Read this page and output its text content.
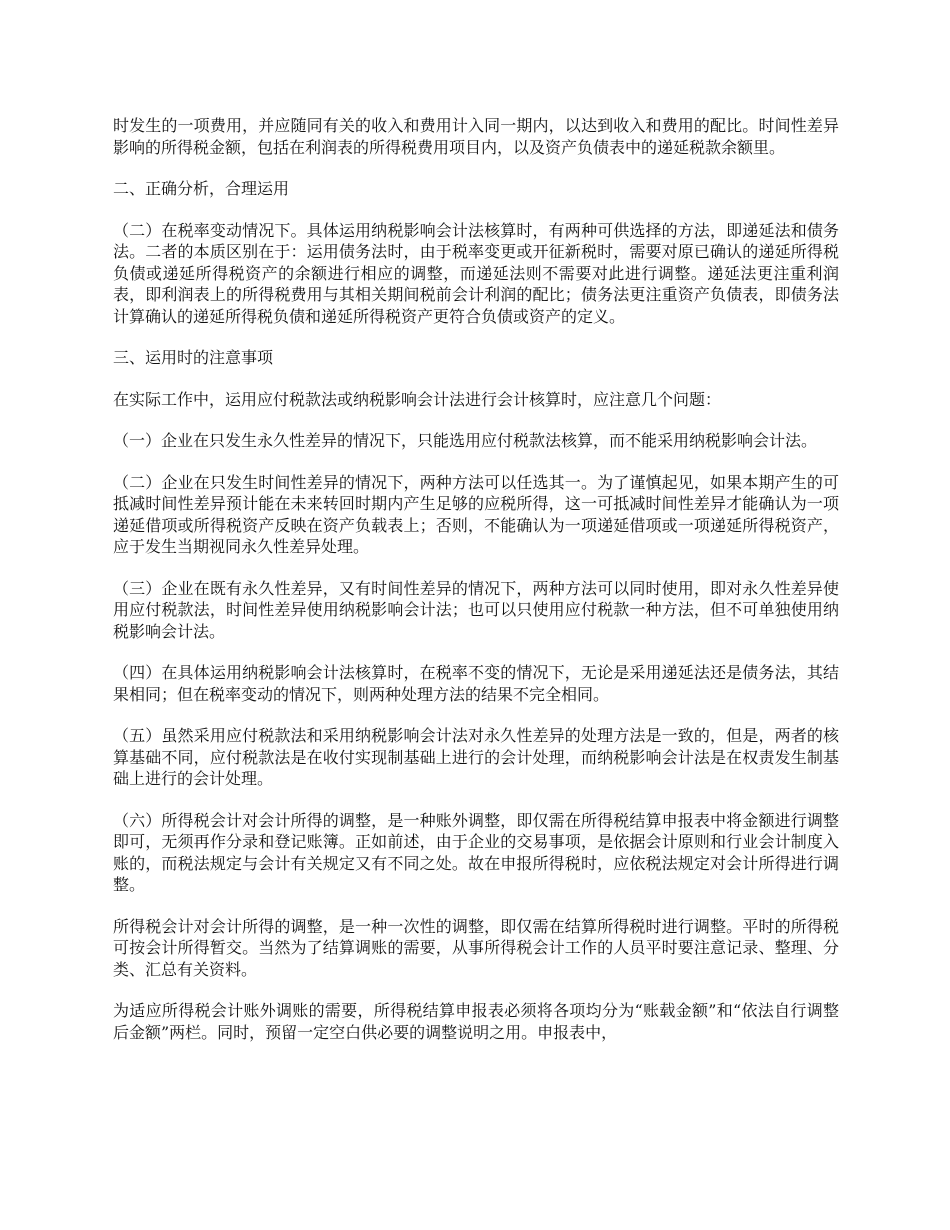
时发生的一项费用，并应随同有关的收入和费用计入同一期内，以达到收入和费用的配比。时间性差异影响的所得税金额，包括在利润表的所得税费用项目内，以及资产负债表中的递延税款余额里。

二、正确分析，合理运用

（二）在税率变动情况下。具体运用纳税影响会计法核算时，有两种可供选择的方法，即递延法和债务法。二者的本质区别在于：运用债务法时，由于税率变更或开征新税时，需要对原已确认的递延所得税负债或递延所得税资产的余额进行相应的调整，而递延法则不需要对此进行调整。递延法更注重利润表，即利润表上的所得税费用与其相关期间税前会计利润的配比；债务法更注重资产负债表，即债务法计算确认的递延所得税负债和递延所得税资产更符合负债或资产的定义。

三、运用时的注意事项

在实际工作中，运用应付税款法或纳税影响会计法进行会计核算时，应注意几个问题：

（一）企业在只发生永久性差异的情况下，只能选用应付税款法核算，而不能采用纳税影响会计法。

（二）企业在只发生时间性差异的情况下，两种方法可以任选其一。为了谨慎起见，如果本期产生的可抵减时间性差异预计能在未来转回时期内产生足够的应税所得，这一可抵减时间性差异才能确认为一项递延借项或所得税资产反映在资产负载表上；否则，不能确认为一项递延借项或一项递延所得税资产，应于发生当期视同永久性差异处理。

（三）企业在既有永久性差异，又有时间性差异的情况下，两种方法可以同时使用，即对永久性差异使用应付税款法，时间性差异使用纳税影响会计法；也可以只使用应付税款一种方法，但不可单独使用纳税影响会计法。

（四）在具体运用纳税影响会计法核算时，在税率不变的情况下，无论是采用递延法还是债务法，其结果相同；但在税率变动的情况下，则两种处理方法的结果不完全相同。

（五）虽然采用应付税款法和采用纳税影响会计法对永久性差异的处理方法是一致的，但是，两者的核算基础不同，应付税款法是在收付实现制基础上进行的会计处理，而纳税影响会计法是在权责发生制基础上进行的会计处理。

（六）所得税会计对会计所得的调整，是一种账外调整，即仅需在所得税结算申报表中将金额进行调整即可，无须再作分录和登记账簿。正如前述，由于企业的交易事项，是依据会计原则和行业会计制度入账的，而税法规定与会计有关规定又有不同之处。故在申报所得税时，应依税法规定对会计所得进行调整。

所得税会计对会计所得的调整，是一种一次性的调整，即仅需在结算所得税时进行调整。平时的所得税可按会计所得暂交。当然为了结算调账的需要，从事所得税会计工作的人员平时要注意记录、整理、分类、汇总有关资料。

为适应所得税会计账外调账的需要，所得税结算申报表必须将各项均分为“账载金额”和“依法自行调整后金额”两栏。同时，预留一定空白供必要的调整说明之用。申报表中，
